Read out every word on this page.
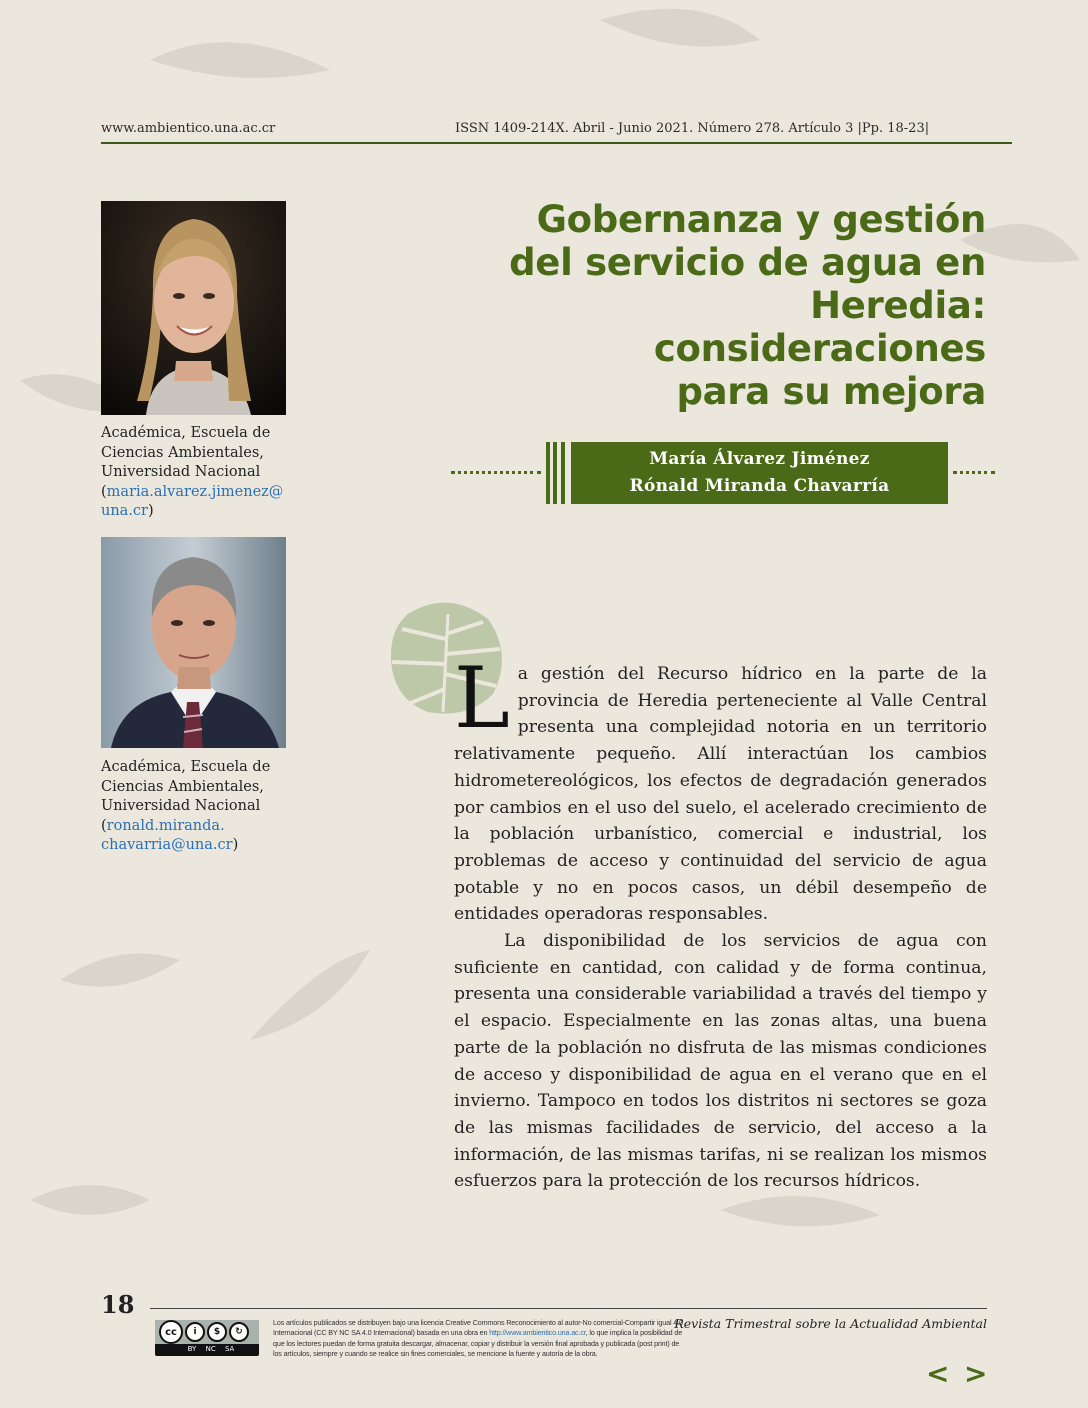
www.ambientico.una.ac.cr	ISSN 1409-214X. Abril - Junio 2021. Número 278. Artículo 3 |Pp. 18-23|
Académica, Escuela de
Ciencias Ambientales,
Universidad Nacional
(maria.alvarez.jimenez@
una.cr)
Académica, Escuela de
Ciencias Ambientales,
Universidad Nacional
(ronald.miranda.
chavarria@una.cr)
Gobernanza y gestión
del servicio de agua en
Heredia: consideraciones
para su mejora
María Álvarez Jiménez
Rónald Miranda Chavarría

La gestión del Recurso hídrico en la parte de la provincia de Heredia perteneciente al Valle Central presenta una complejidad notoria en un territorio relativamente pequeño. Allí interactúan los cambios hidrometereológicos, los efectos de degradación generados por cambios en el uso del suelo, el acelerado crecimiento de la población urbanístico, comercial e industrial, los problemas de acceso y continuidad del servicio de agua potable y no en pocos casos, un débil desempeño de entidades operadoras responsables.

La disponibilidad de los servicios de agua con suficiente en cantidad, con calidad y de forma continua, presenta una considerable variabilidad a través del tiempo y el espacio. Especialmente en las zonas altas, una buena parte de la población no disfruta de las mismas condiciones de acceso y disponibilidad de agua en el verano que en el invierno. Tampoco en todos los distritos ni sectores se goza de las mismas facilidades de servicio, del acceso a la información, de las mismas tarifas, ni se realizan los mismos esfuerzos para la protección de los recursos hídricos.

18
cc	i	$	↻
BY NC SA
Los artículos publicados se distribuyen bajo una licencia Creative Commons Reconocimiento al autor-No comercial-Compartir igual 4.0 Internacional (CC BY NC SA 4.0 Internacional) basada en una obra en http://www.ambientico.una.ac.cr, lo que implica la posibilidad de que los lectores puedan de forma gratuita descargar, almacenar, copiar y distribuir la versión final aprobada y publicada (post print) de los artículos, siempre y cuando se realice sin fines comerciales, se mencione la fuente y autoría de la obra.
Revista Trimestral sobre la Actualidad Ambiental
< >
